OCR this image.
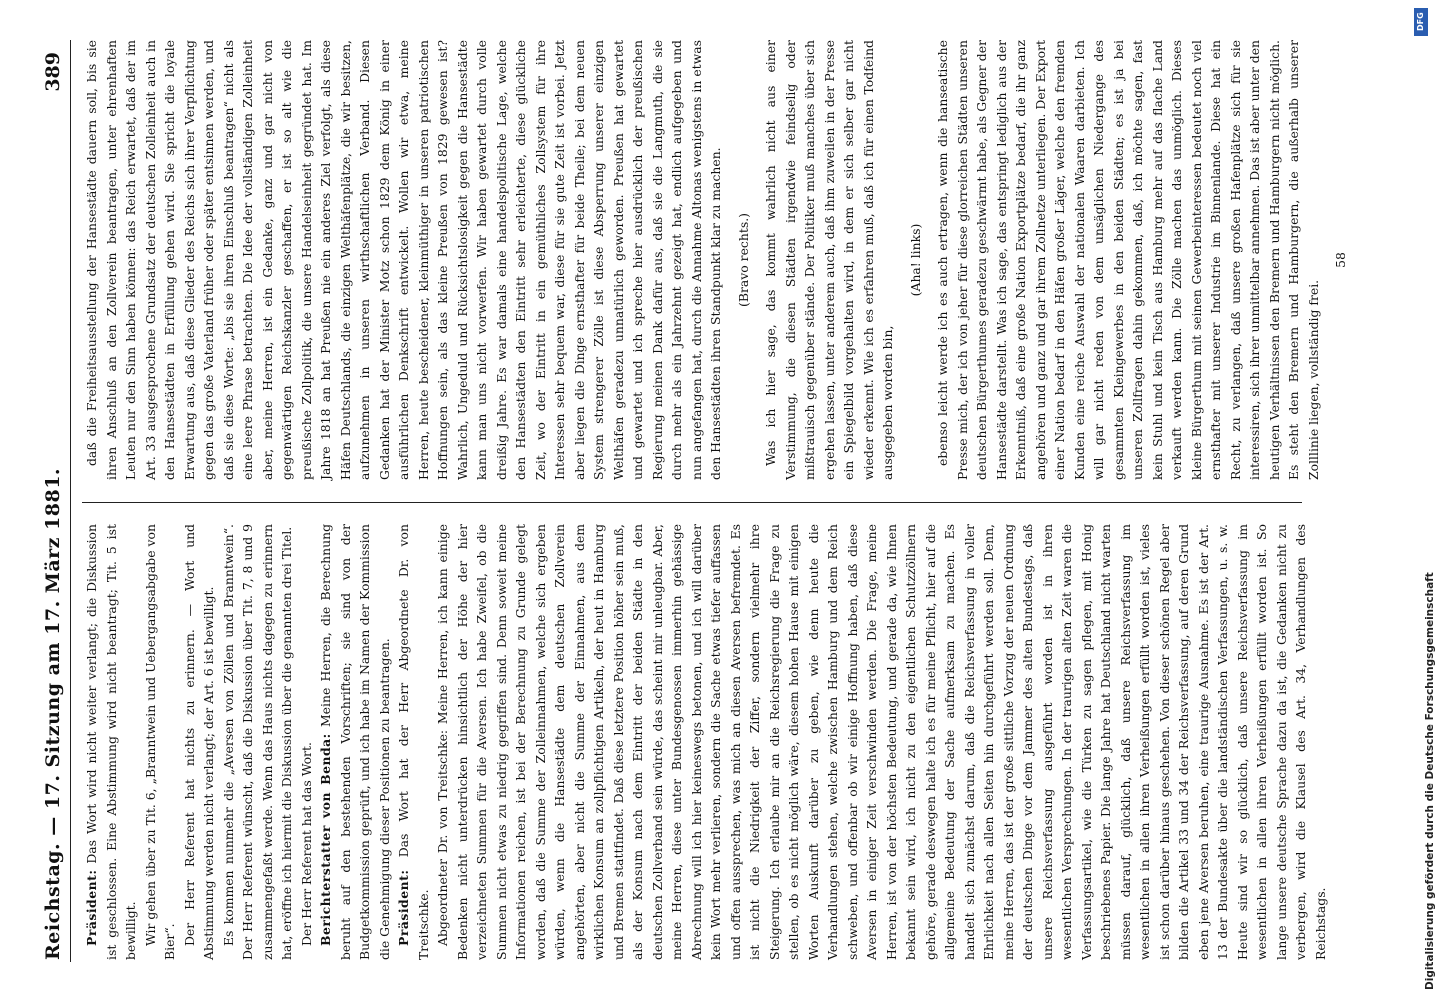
Reichstag. — 17. Sitzung am 17. März 1881.
389

Präsident: Das Wort wird nicht weiter verlangt; die Diskussion ist geschlossen. Eine Abstimmung wird nicht beantragt; Tit. 5 ist bewilligt. Wir gehen über zu Tit. 6, „Branntwein und Uebergangsabgabe von Bier“. Der Herr Referent hat nichts zu erinnern. — Wort und Abstimmung werden nicht verlangt; der Art. 6 ist bewilligt. Es kommen nunmehr die „Aversen von Zöllen und Branntwein“. Der Herr Referent wünscht, daß die Diskussion über Tit. 7, 8 und 9 zusammengefaßt werde. Wenn das Haus nichts dagegen zu erinnern hat, eröffne ich hiermit die Diskussion über die genannten drei Titel. Der Herr Referent hat das Wort. Berichterstatter von Benda: Meine Herren, die Berechnung beruht auf den bestehenden Vorschriften; sie sind von der Budgetkommission geprüft, und ich habe im Namen der Kommission die Genehmigung dieser Positionen zu beantragen. Präsident: Das Wort hat der Herr Abgeordnete Dr. von Treitschke. Abgeordneter Dr. von Treitschke: Meine Herren, ich kann einige Bedenken nicht unterdrücken hinsichtlich der Höhe der hier verzeichneten Summen für die Aversen. Ich habe Zweifel, ob die Summen nicht etwas zu niedrig gegriffen sind. Denn soweit meine Informationen reichen, ist bei der Berechnung zu Grunde gelegt worden, daß die Summe der Zolleinnahmen, welche sich ergeben würden, wenn die Hansestädte dem deutschen Zollverein angehörten, aber nicht die Summe der Einnahmen, aus dem wirklichen Konsum an zollpflichtigen Artikeln, der heut in Hamburg und Bremen stattfindet. Daß diese letztere Position höher sein muß, als der Konsum nach dem Eintritt der beiden Städte in den deutschen Zollverband sein würde, das scheint mir unleugbar. Aber, meine Herren, diese unter Bundesgenossen immerhin gehässige Abrechnung will ich hier keineswegs betonen, und ich will darüber kein Wort mehr verlieren, sondern die Sache etwas tiefer auffassen und offen aussprechen, was mich an diesen Aversen befremdet. Es ist nicht die Niedrigkeit der Ziffer, sondern vielmehr ihre Steigerung. Ich erlaube mir an die Reichsregierung die Frage zu stellen, ob es nicht möglich wäre, diesem hohen Hause mit einigen Worten Auskunft darüber zu geben, wie denn heute die Verhandlungen stehen, welche zwischen Hamburg und dem Reich schweben, und offenbar ob wir einige Hoffnung haben, daß diese Aversen in einiger Zeit verschwinden werden. Die Frage, meine Herren, ist von der höchsten Bedeutung, und gerade da, wie Ihnen bekannt sein wird, ich nicht zu den eigentlichen Schutzzöllnern gehöre, gerade deswegen halte ich es für meine Pflicht, hier auf die allgemeine Bedeutung der Sache aufmerksam zu machen. Es handelt sich zunächst darum, daß die Reichsverfassung in voller Ehrlichkeit nach allen Seiten hin durchgeführt werden soll. Denn, meine Herren, das ist der große sittliche Vorzug der neuen Ordnung der deutschen Dinge vor dem Jammer des alten Bundestags, daß unsere Reichsverfassung ausgeführt worden ist in ihren wesentlichen Versprechungen. In der traurigen alten Zeit waren die Verfassungsartikel, wie die Türken zu sagen pflegen, mit Honig beschriebenes Papier. Die lange Jahre hat Deutschland nicht warten müssen darauf, glücklich, daß unsere Reichsverfassung im wesentlichen in allen ihren Verheißungen erfüllt worden ist, vieles ist schon darüber hinaus geschehen. Von dieser schönen Regel aber bilden die Artikel 33 und 34 der Reichsverfassung, auf deren Grund eben jene Aversen beruhen, eine traurige Ausnahme. Es ist der Art. 13 der Bundesakte über die landständischen Verfassungen, u. s. w. Heute sind wir so glücklich, daß unsere Reichsverfassung im wesentlichen in allen ihren Verheißungen erfüllt worden ist. So lange unsere deutsche Sprache dazu da ist, die Gedanken nicht zu verbergen, wird die Klausel des Art. 34, Verhandlungen des Reichstags.

daß die Freiheitsausstellung der Hansestädte dauern soll, bis sie ihren Anschluß an den Zollverein beantragen, unter ehrenhaften Leuten nur den Sinn haben können: das Reich erwartet, daß der im Art. 33 ausgesprochene Grundsatz der deutschen Zolleinheit auch in den Hansestädten in Erfüllung gehen wird. Sie spricht die loyale Erwartung aus, daß diese Glieder des Reichs sich ihrer Verpflichtung gegen das große Vaterland früher oder später entsinnen werden, und daß sie diese Worte: „bis sie ihren Einschluß beantragen“ nicht als eine leere Phrase betrachten. Die Idee der vollständigen Zolleinheit aber, meine Herren, ist ein Gedanke, ganz und gar nicht von gegenwärtigen Reichskanzler geschaffen, er ist so alt wie die preußische Zollpolitik, die unsere Handelseinheit gegründet hat. Im Jahre 1818 an hat Preußen nie ein anderes Ziel verfolgt, als diese Häfen Deutschlands, die einzigen Welthäfenplätze, die wir besitzen, aufzunehmen in unseren wirthschaftlichen Verband. Diesen Gedanken hat der Minister Motz schon 1829 dem König in einer ausführlichen Denkschrift entwickelt. Wollen wir etwa, meine Herren, heute bescheidener, kleinmüthiger in unseren patriotischen Hoffnungen sein, als das kleine Preußen von 1829 gewesen ist? Wahrlich, Ungeduld und Rücksichtslosigkeit gegen die Hansestädte kann man uns nicht vorwerfen. Wir haben gewartet durch volle dreißig Jahre. Es war damals eine handelspolitische Lage, welche den Hansestädten den Eintritt sehr erleichterte, diese glückliche Zeit, wo der Eintritt in ein gemüthliches Zollsystem für ihre Interessen sehr bequem war, diese für sie gute Zeit ist vorbei. Jetzt aber liegen die Dinge ernsthafter für beide Theile; bei dem neuen System strengerer Zölle ist diese Absperrung unserer einzigen Welthäfen geradezu unnatürlich geworden. Preußen hat gewartet und gewartet und ich spreche hier ausdrücklich der preußischen Regierung meinen Dank dafür aus, daß sie die Langmuth, die sie durch mehr als ein Jahrzehnt gezeigt hat, endlich aufgegeben und nun angefangen hat, durch die Annahme Altonas wenigstens in etwas den Hansestädten ihren Standpunkt klar zu machen. (Bravo rechts.) Was ich hier sage, das kommt wahrlich nicht aus einer Verstimmung, die diesen Städten irgendwie feindselig oder mißtrauisch gegenüber stände. Der Politiker muß manches über sich ergehen lassen, unter anderem auch, daß ihm zuweilen in der Presse ein Spiegelbild vorgehalten wird, in dem er sich selber gar nicht wieder erkennt. Wie ich es erfahren muß, daß ich für einen Todfeind ausgegeben worden bin,

(Aha! links) ebenso leicht werde ich es auch ertragen, wenn die hanseatische Presse mich, der ich von jeher für diese glorreichen Städten unseren deutschen Bürgerthumes geradezu geschwärmt habe, als Gegner der Hansestädte darstellt. Was ich sage, das entspringt lediglich aus der Erkenntniß, daß eine große Nation Exportplätze bedarf, die ihr ganz angehören und ganz und gar ihrem Zollnetze unterliegen. Der Export einer Nation bedarf in den Häfen großer Läger, welche den fremden Kunden eine reiche Auswahl der nationalen Waaren darbieten. Ich will gar nicht reden von dem unsäglichen Niedergange des gesammten Kleingewerbes in den beiden Städten; es ist ja bei unseren Zollfragen dahin gekommen, daß, ich möchte sagen, fast kein Stuhl und kein Tisch aus Hamburg mehr auf das flache Land verkauft werden kann. Die Zölle machen das unmöglich. Dieses kleine Bürgerthum mit seinen Gewerbeinteressen bedeutet noch viel ernsthafter mit unserer Industrie im Binnenlande. Diese hat ein Recht, zu verlangen, daß unsere großen Hafenplätze sich für sie interessiren, sich ihrer unmittelbar annehmen. Das ist aber unter den heutigen Verhältnissen den Bremern und Hamburgern nicht möglich. Es steht den Bremern und Hamburgern, die außerhalb unserer Zolllinie liegen, vollständig frei.

58

DFG
Digitalisierung gefördert durch die Deutsche Forschungsgemeinschaft
